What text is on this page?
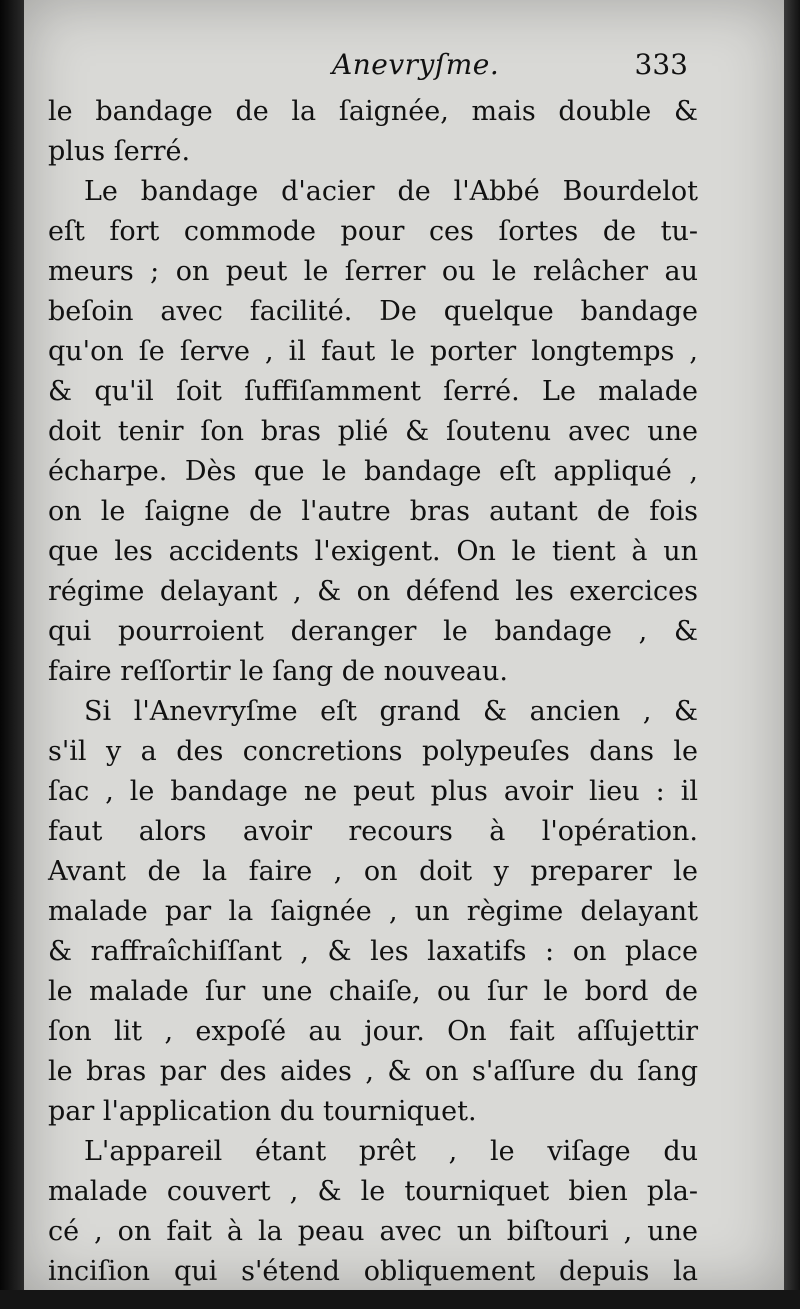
Anevryſme.	333
le bandage de la ſaignée, mais double &
plus ſerré.
Le bandage d'acier de l'Abbé Bourdelot
eſt fort commode pour ces ſortes de tu-
meurs ; on peut le ſerrer ou le relâcher au
beſoin avec facilité. De quelque bandage
qu'on ſe ſerve , il faut le porter longtemps ,
& qu'il ſoit ſuffiſamment ſerré. Le malade
doit tenir ſon bras plié & ſoutenu avec une
écharpe. Dès que le bandage eſt appliqué ,
on le ſaigne de l'autre bras autant de fois
que les accidents l'exigent. On le tient à un
régime delayant , & on défend les exercices
qui pourroient deranger le bandage , &
faire reſſortir le ſang de nouveau.
Si l'Anevryſme eſt grand & ancien , &
s'il y a des concretions polypeuſes dans le
ſac , le bandage ne peut plus avoir lieu : il
faut alors avoir recours à l'opération.
Avant de la faire , on doit y preparer le
malade par la ſaignée , un règime delayant
& raffraîchiſſant , & les laxatifs : on place
le malade ſur une chaiſe, ou ſur le bord de
ſon lit , expoſé au jour. On fait aſſujettir
le bras par des aides , & on s'aſſure du ſang
par l'application du tourniquet.
L'appareil étant prêt , le viſage du
malade couvert , & le tourniquet bien pla-
cé , on fait à la peau avec un biſtouri , une
inciſion qui s'étend obliquement depuis la
